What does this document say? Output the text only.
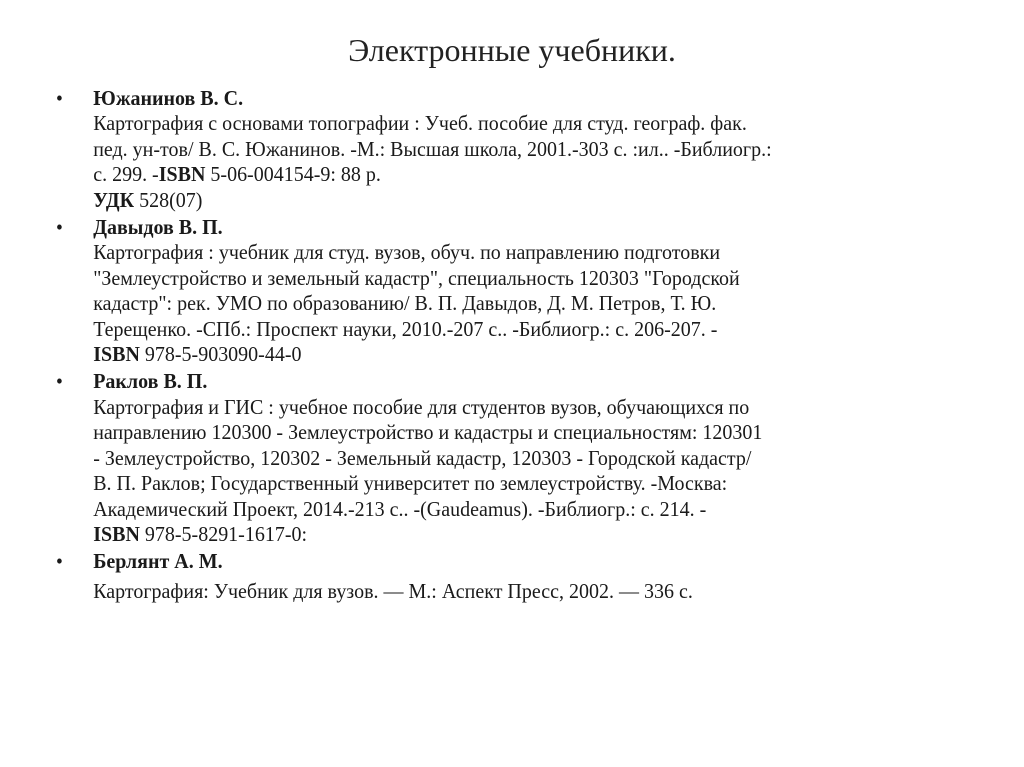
Электронные учебники.
• Южанинов В. С.
Картография с основами топографии : Учеб. пособие для студ. географ. фак.
пед. ун-тов/ В. С. Южанинов. -М.: Высшая школа, 2001.-303 с. :ил.. -Библиогр.:
с. 299. -ISBN 5-06-004154-9: 88 р.
УДК 528(07)
• Давыдов В. П.
Картография : учебник для студ. вузов, обуч. по направлению подготовки
"Землеустройство и земельный кадастр", специальность 120303 "Городской
кадастр": рек. УМО по образованию/ В. П. Давыдов, Д. М. Петров, Т. Ю.
Терещенко. -СПб.: Проспект науки, 2010.-207 с.. -Библиогр.: с. 206-207. -
ISBN 978-5-903090-44-0
• Раклов В. П.
Картография и ГИС : учебное пособие для студентов вузов, обучающихся по
направлению 120300 - Землеустройство и кадастры и специальностям: 120301
- Землеустройство, 120302 - Земельный кадастр, 120303 - Городской кадастр/
В. П. Раклов; Государственный университет по землеустройству. -Москва:
Академический Проект, 2014.-213 с.. -(Gaudeamus). -Библиогр.: с. 214. -
ISBN 978-5-8291-1617-0:
• Берлянт А. М.
Картография: Учебник для вузов. — М.: Аспект Пресс, 2002. — 336 с.
